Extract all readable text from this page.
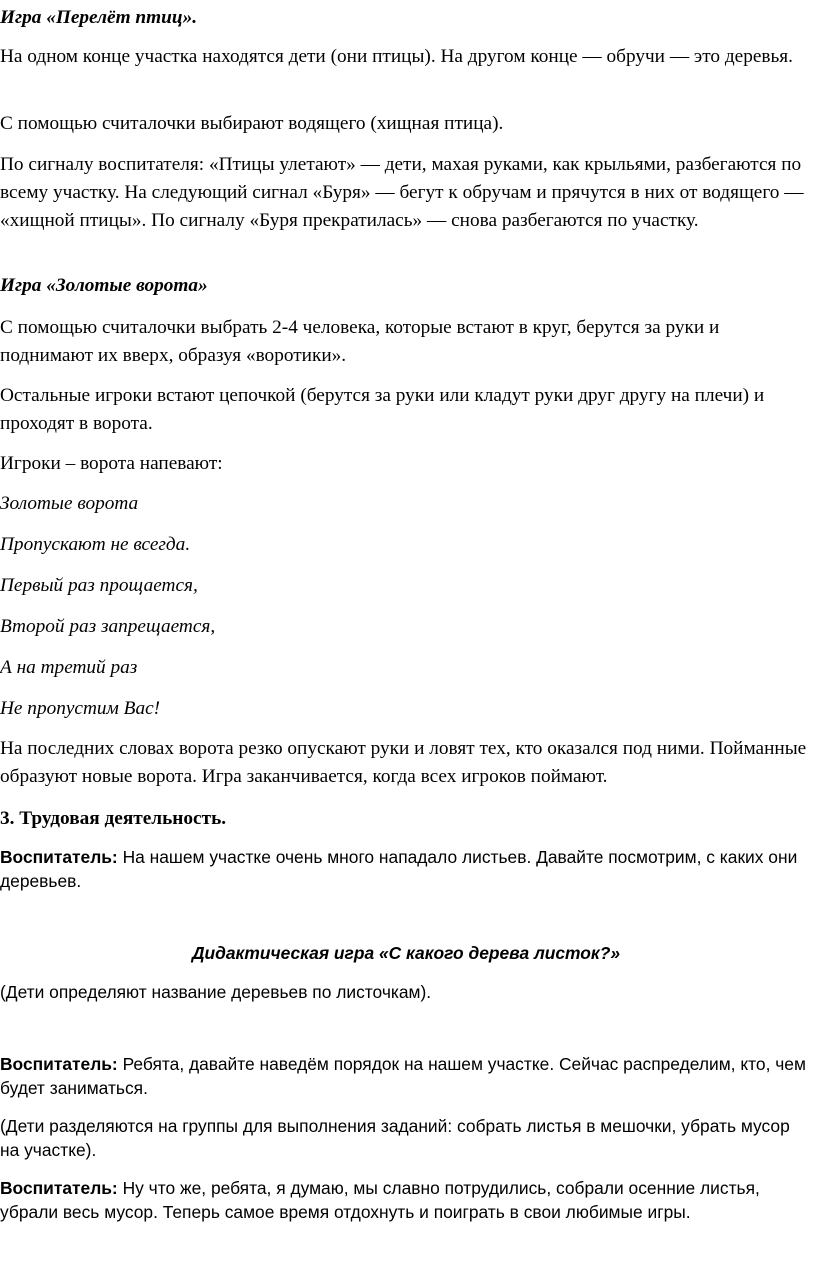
Игра «Перелёт птиц».

На одном конце участка находятся дети (они птицы). На другом конце — обручи — это деревья.

С помощью считалочки выбирают водящего (хищная птица).

По сигналу воспитателя: «Птицы улетают» — дети, махая руками, как крыльями, разбегаются по всему участку. На следующий сигнал «Буря» — бегут к обручам и прячутся в них от водящего — «хищной птицы». По сигналу «Буря прекратилась» — снова разбегаются по участку.

Игра «Золотые ворота»

С помощью считалочки выбрать 2-4 человека, которые встают в круг, берутся за руки и поднимают их вверх, образуя «воротики».

Остальные игроки встают цепочкой (берутся за руки или кладут руки друг другу на плечи) и проходят в ворота.

Игроки – ворота напевают:

Золотые ворота

Пропускают не всегда.

Первый раз прощается,

Второй раз запрещается,

А на третий раз

Не пропустим Вас!

На последних словах ворота резко опускают руки и ловят тех, кто оказался под ними. Пойманные образуют новые ворота. Игра заканчивается, когда всех игроков поймают.

3. Трудовая деятельность.

Воспитатель: На нашем участке очень много нападало листьев. Давайте посмотрим, с каких они деревьев.

Дидактическая игра «С какого дерева листок?»

(Дети определяют название деревьев по листочкам).

Воспитатель: Ребята, давайте наведём порядок на нашем участке. Сейчас распределим, кто, чем будет заниматься.

(Дети разделяются на группы для выполнения заданий: собрать листья в мешочки, убрать мусор на участке).

Воспитатель: Ну что же, ребята, я думаю, мы славно потрудились, собрали осенние листья, убрали весь мусор. Теперь самое время отдохнуть и поиграть в свои любимые игры.
